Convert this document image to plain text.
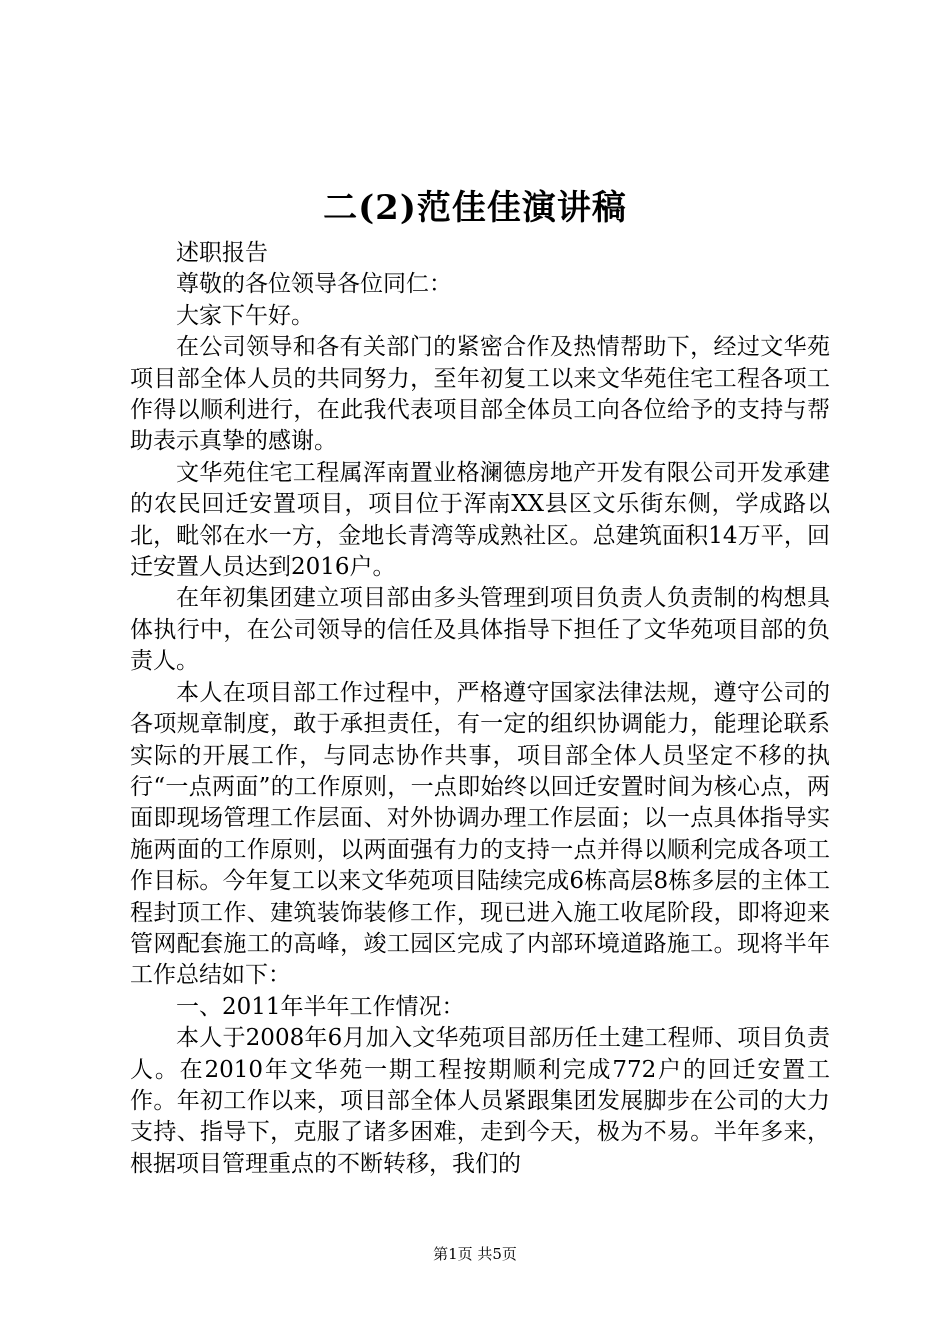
二(2)范佳佳演讲稿

述职报告

尊敬的各位领导各位同仁：

大家下午好。

在公司领导和各有关部门的紧密合作及热情帮助下，经过文华苑项目部全体人员的共同努力，至年初复工以来文华苑住宅工程各项工作得以顺利进行，在此我代表项目部全体员工向各位给予的支持与帮助表示真挚的感谢。

文华苑住宅工程属浑南置业格澜德房地产开发有限公司开发承建的农民回迁安置项目，项目位于浑南XX县区文乐街东侧，学成路以北，毗邻在水一方，金地长青湾等成熟社区。总建筑面积14万平，回迁安置人员达到2016户。

在年初集团建立项目部由多头管理到项目负责人负责制的构想具体执行中，在公司领导的信任及具体指导下担任了文华苑项目部的负责人。

本人在项目部工作过程中，严格遵守国家法律法规，遵守公司的各项规章制度，敢于承担责任，有一定的组织协调能力，能理论联系实际的开展工作，与同志协作共事，项目部全体人员坚定不移的执行“一点两面”的工作原则，一点即始终以回迁安置时间为核心点，两面即现场管理工作层面、对外协调办理工作层面；以一点具体指导实施两面的工作原则，以两面强有力的支持一点并得以顺利完成各项工作目标。今年复工以来文华苑项目陆续完成6栋高层8栋多层的主体工程封顶工作、建筑装饰装修工作，现已进入施工收尾阶段，即将迎来管网配套施工的高峰，竣工园区完成了内部环境道路施工。现将半年工作总结如下：

一、2011年半年工作情况：

本人于2008年6月加入文华苑项目部历任土建工程师、项目负责人。在2010年文华苑一期工程按期顺利完成772户的回迁安置工作。年初工作以来，项目部全体人员紧跟集团发展脚步在公司的大力支持、指导下，克服了诸多困难，走到今天，极为不易。半年多来，根据项目管理重点的不断转移，我们的

第1页 共5页
